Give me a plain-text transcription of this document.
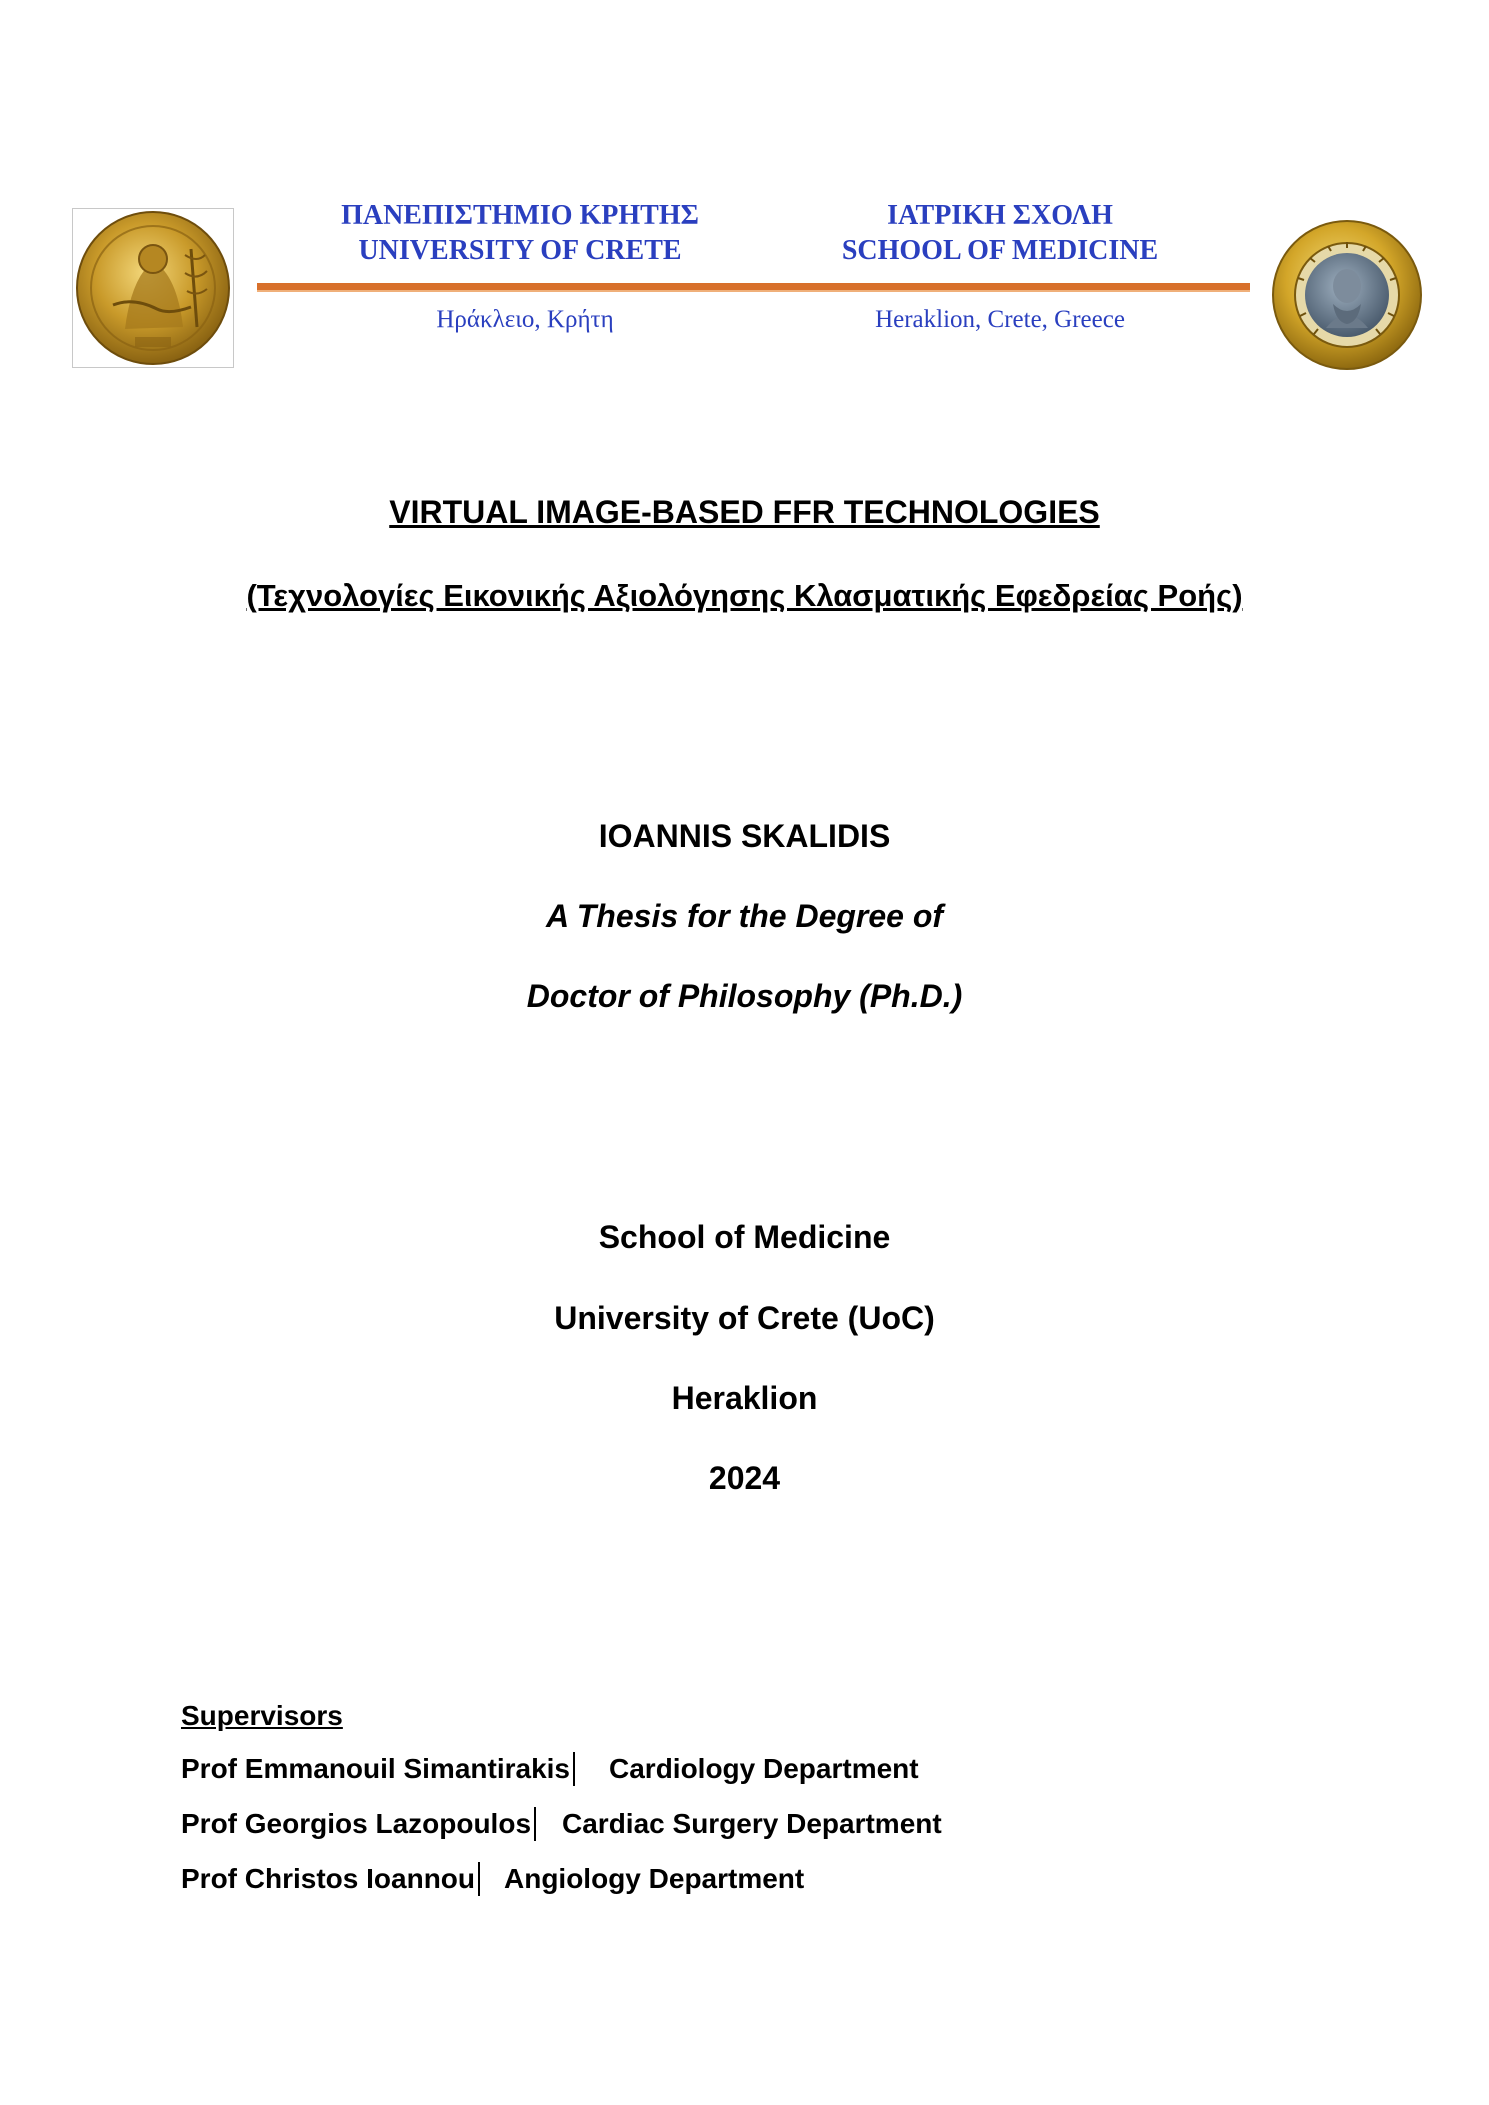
ΠΑΝΕΠΙΣΤΗΜΙΟ ΚΡΗΤΗΣ
UNIVERSITY OF CRETE
ΙΑΤΡΙΚΗ ΣΧΟΛΗ
SCHOOL OF MEDICINE
Ηράκλειο, Κρήτη	Heraklion, Crete, Greece
VIRTUAL IMAGE-BASED FFR TECHNOLOGIES
(Τεχνολογίες Εικονικής Αξιολόγησης Κλασματικής Εφεδρείας Ροής)
IOANNIS SKALIDIS
A Thesis for the Degree of
Doctor of Philosophy (Ph.D.)
School of Medicine
University of Crete (UoC)
Heraklion
2024
Supervisors
Prof Emmanouil Simantirakis Cardiology Department
Prof Georgios Lazopoulos Cardiac Surgery Department
Prof Christos Ioannou Angiology Department
